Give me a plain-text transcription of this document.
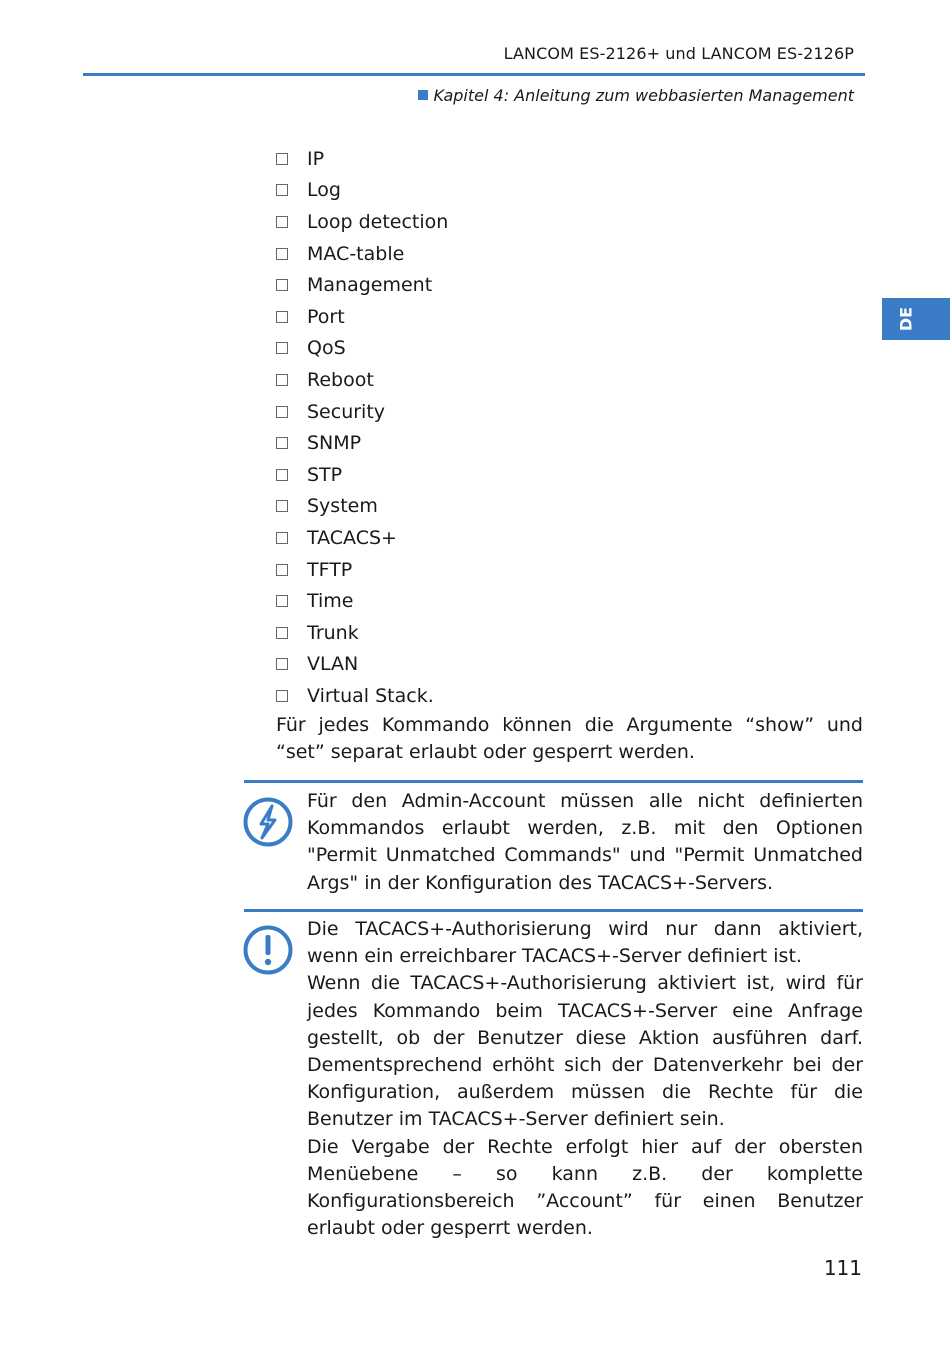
LANCOM ES-2126+ und LANCOM ES-2126P
Kapitel 4: Anleitung zum webbasierten Management
DE
IP
Log
Loop detection
MAC-table
Management
Port
QoS
Reboot
Security
SNMP
STP
System
TACACS+
TFTP
Time
Trunk
VLAN
Virtual Stack.

Für jedes Kommando können die Argumente “show” und “set” separat erlaubt oder gesperrt werden.

Für den Admin-Account müssen alle nicht definierten Kommandos erlaubt werden, z.B. mit den Optionen "Permit Unmatched Commands" und "Permit Unmatched Args" in der Konfiguration des TACACS+-Servers.

Die TACACS+-Authorisierung wird nur dann aktiviert, wenn ein erreichbarer TACACS+-Server definiert ist.

Wenn die TACACS+-Authorisierung aktiviert ist, wird für jedes Kommando beim TACACS+-Server eine Anfrage gestellt, ob der Benutzer diese Aktion ausführen darf. Dementsprechend erhöht sich der Datenverkehr bei der Konfiguration, außerdem müssen die Rechte für die Benutzer im TACACS+-Server definiert sein.

Die Vergabe der Rechte erfolgt hier auf der obersten Menüebene – so kann z.B. der komplette Konfigurationsbereich ”Account” für einen Benutzer erlaubt oder gesperrt werden.

111
